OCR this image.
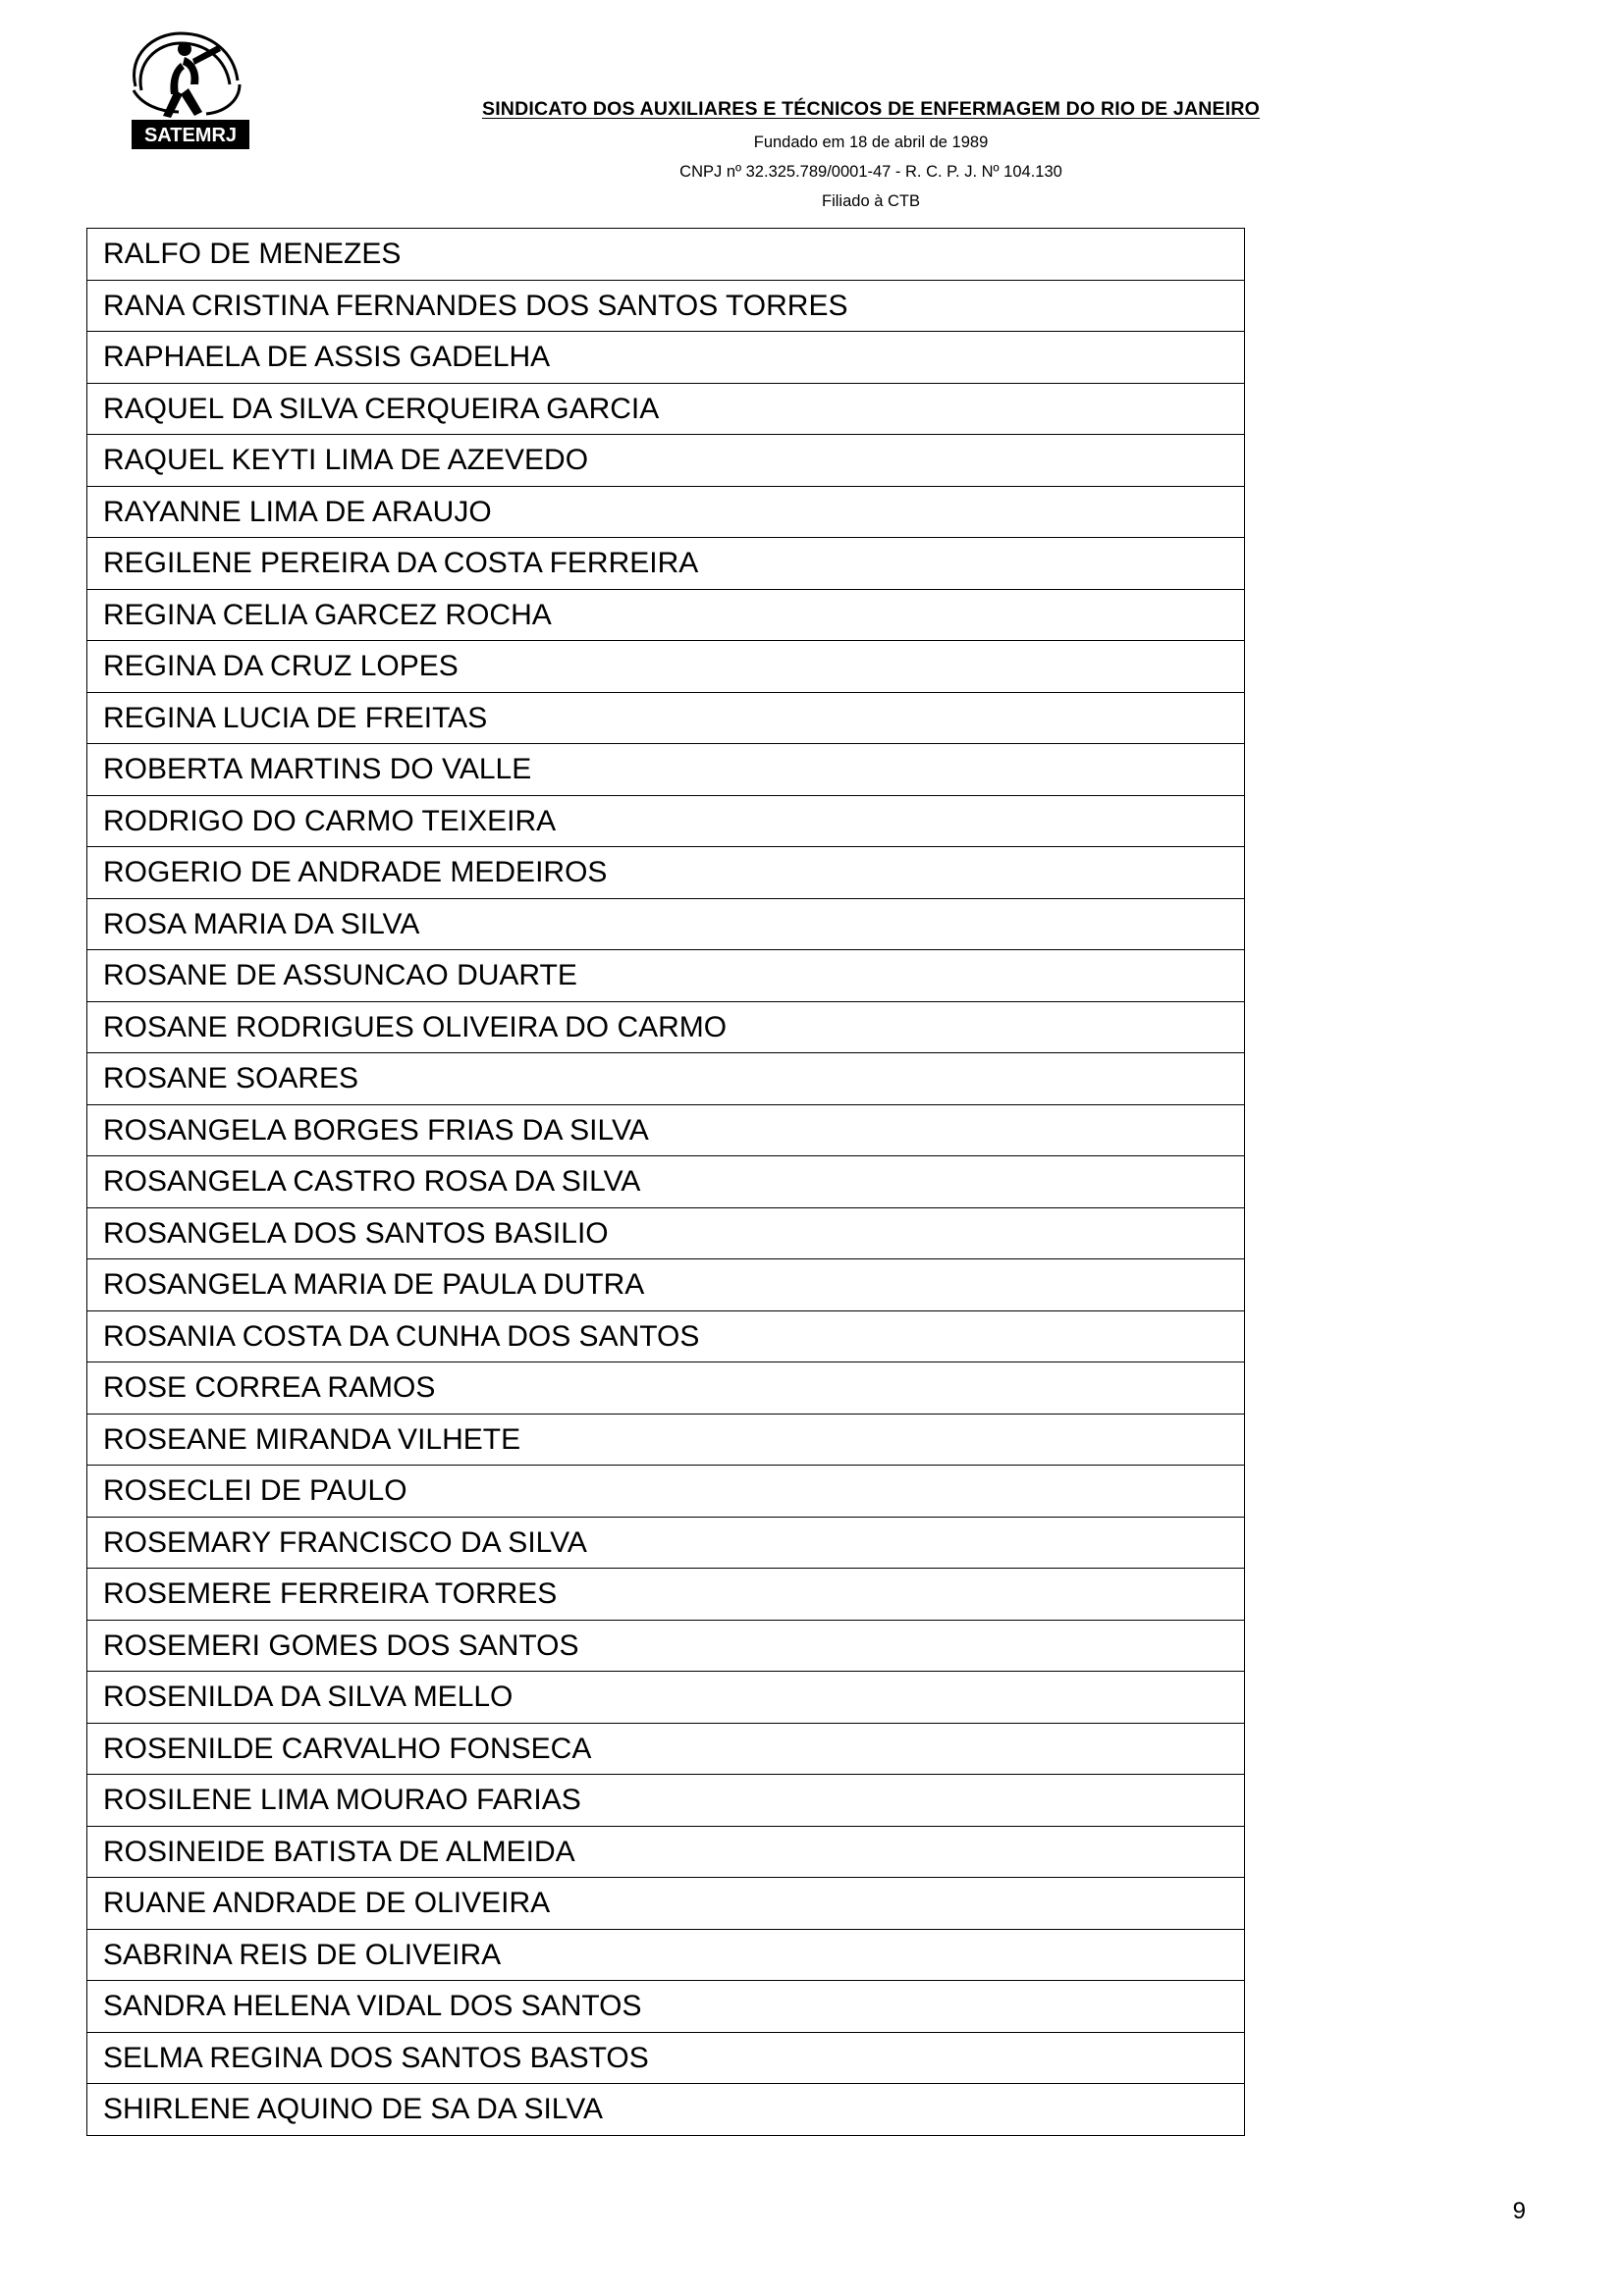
SATEMRJ
SINDICATO DOS AUXILIARES E TÉCNICOS DE ENFERMAGEM DO RIO DE JANEIRO
Fundado em 18 de abril de 1989
CNPJ nº 32.325.789/0001-47 - R. C. P. J. Nº 104.130
Filiado à CTB
RALFO DE MENEZES
RANA CRISTINA FERNANDES DOS SANTOS TORRES
RAPHAELA DE ASSIS GADELHA
RAQUEL DA SILVA CERQUEIRA GARCIA
RAQUEL KEYTI LIMA DE AZEVEDO
RAYANNE LIMA DE ARAUJO
REGILENE PEREIRA DA COSTA FERREIRA
REGINA CELIA GARCEZ ROCHA
REGINA DA CRUZ LOPES
REGINA LUCIA DE FREITAS
ROBERTA MARTINS DO VALLE
RODRIGO DO CARMO TEIXEIRA
ROGERIO DE ANDRADE MEDEIROS
ROSA MARIA DA SILVA
ROSANE DE ASSUNCAO DUARTE
ROSANE RODRIGUES OLIVEIRA DO CARMO
ROSANE SOARES
ROSANGELA BORGES FRIAS DA SILVA
ROSANGELA CASTRO ROSA DA SILVA
ROSANGELA DOS SANTOS BASILIO
ROSANGELA MARIA DE PAULA DUTRA
ROSANIA COSTA DA CUNHA DOS SANTOS
ROSE CORREA RAMOS
ROSEANE MIRANDA VILHETE
ROSECLEI DE PAULO
ROSEMARY FRANCISCO DA SILVA
ROSEMERE FERREIRA TORRES
ROSEMERI GOMES DOS SANTOS
ROSENILDA DA SILVA MELLO
ROSENILDE CARVALHO FONSECA
ROSILENE LIMA MOURAO FARIAS
ROSINEIDE BATISTA DE ALMEIDA
RUANE ANDRADE DE OLIVEIRA
SABRINA REIS DE OLIVEIRA
SANDRA HELENA VIDAL DOS SANTOS
SELMA REGINA DOS SANTOS BASTOS
SHIRLENE AQUINO DE SA DA SILVA
9
